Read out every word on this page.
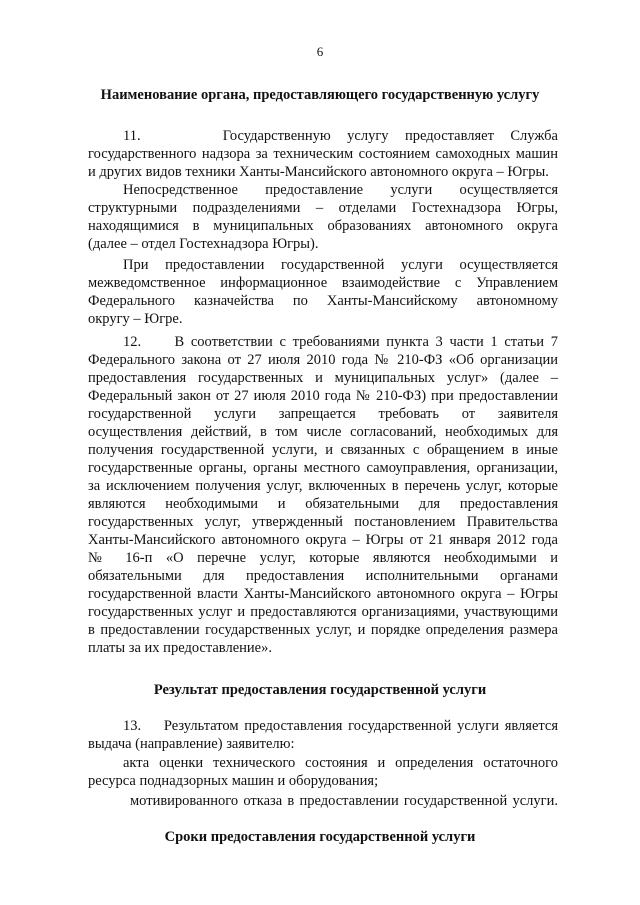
6
Наименование органа, предоставляющего государственную услугу
11.     Государственную услугу предоставляет Служба
государственного надзора за техническим состоянием самоходных машин
и других видов техники Ханты-Мансийского автономного округа – Югры.
Непосредственное предоставление услуги осуществляется
структурными подразделениями – отделами Гостехнадзора Югры,
находящимися в муниципальных образованиях автономного округа
(далее – отдел Гостехнадзора Югры).
При предоставлении государственной услуги осуществляется
межведомственное информационное взаимодействие с Управлением
Федерального казначейства по Ханты-Мансийскому автономному
округу – Югре.
12.     В соответствии с требованиями пункта 3 части 1 статьи 7
Федерального закона от 27 июля 2010 года № 210-ФЗ «Об организации
предоставления государственных и муниципальных услуг» (далее –
Федеральный закон от 27 июля 2010 года № 210-ФЗ) при предоставлении
государственной услуги запрещается требовать от заявителя
осуществления действий, в том числе согласований, необходимых для
получения государственной услуги, и связанных с обращением в иные
государственные органы, органы местного самоуправления, организации,
за исключением получения услуг, включенных в перечень услуг, которые
являются необходимыми и обязательными для предоставления
государственных услуг, утвержденный постановлением Правительства
Ханты-Мансийского автономного округа – Югры от 21 января 2012 года
№ 16-п «О перечне услуг, которые являются необходимыми и
обязательными для предоставления исполнительными органами
государственной власти Ханты-Мансийского автономного округа – Югры
государственных услуг и предоставляются организациями, участвующими
в предоставлении государственных услуг, и порядке определения размера
платы за их предоставление».
Результат предоставления государственной услуги
13.    Результатом предоставления государственной услуги является
выдача (направление) заявителю:
акта оценки технического состояния и определения остаточного
ресурса поднадзорных машин и оборудования;
мотивированного отказа в предоставлении государственной услуги.
Сроки предоставления государственной услуги
